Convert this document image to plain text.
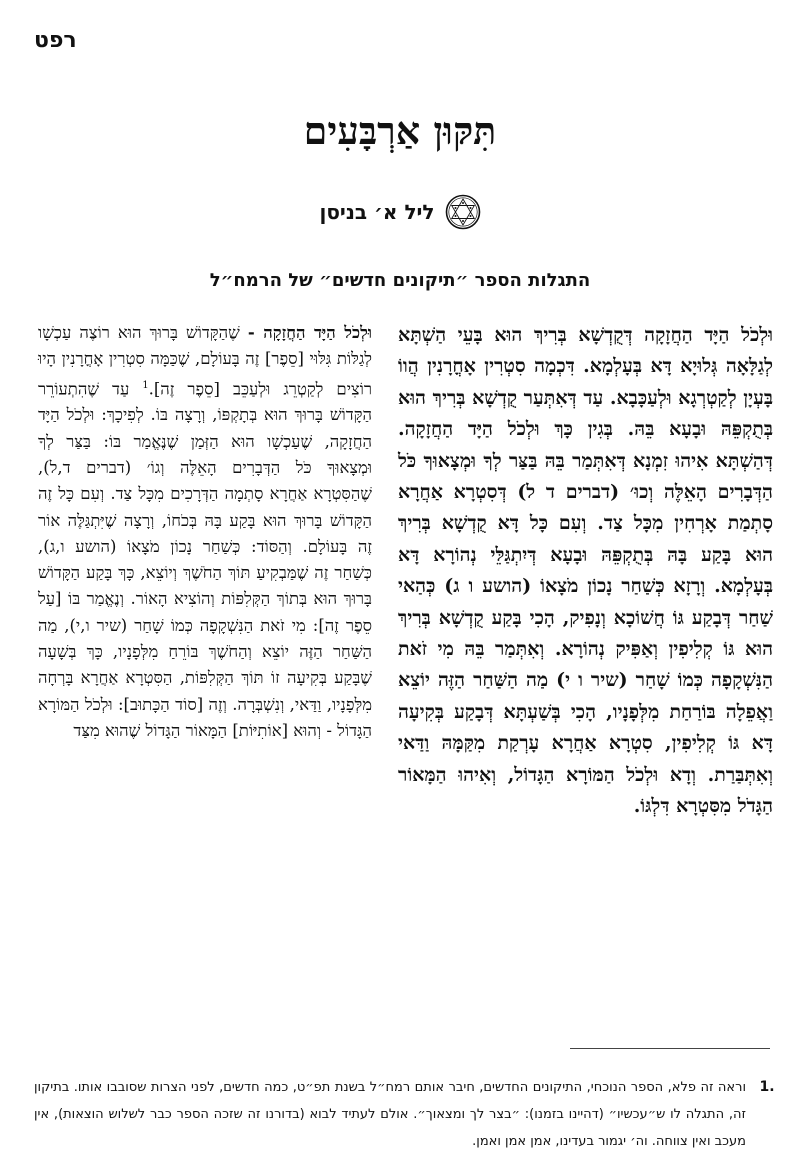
רפט
תִּקּוּן אַרְבָּעִים
ליל א׳ בניסן
התגלות הספר ״תיקונים חדשים״ של הרמח״ל
וּלְכֹל הַיָּד הַחֲזָקָה דְּקֻדְשָׁא בְּרִיךְ הוּא בָּעֵי הַשְׁתָּא לְגַלָּאָה גְּלוּיָא דָּא בְּעָלְמָא. דִּכְמָה סִטְרִין אָחֳרָנִין הֲווֹ בָּעְיָן לְקַטְרְגָא וּלְעַכָּבָא. עַד דְּאִתְּעַר קֻדְשָׁא בְּרִיךְ הוּא בְּתֻקְפֵּהּ וּבָעָא בֵּהּ. בְּגִין כָּךְ וּלְכֹל הַיָּד הַחֲזָקָה. דְּהַשְׁתָּא אִיהוּ זִמְנָא דְּאִתְּמַר בֵּהּ בַּצַּר לְךָ וּמְצָאוּךָ כֹּל הַדְּבָרִים הָאֵלֶּה וְכוּ׳ (דברים ד ל) דְּסִטְרָא אַחֲרָא סָתְמַת אָרְחִין מִכָּל צַד. וְעִם כָּל דָּא קֻדְשָׁא בְּרִיךְ הוּא בָּקַע בָּהּ בְּתֻקְפֵּהּ וּבָעָא דְּיִתְגַּלֵּי נְהוֹרָא דָּא בְּעָלְמָא. וְרָזָא כְּשַׁחַר נָכוֹן מֹצָאוֹ (הושע ו ג) כְּהַאי שַׁחַר דְּבָקַע גּוֹ חֲשׁוֹכָא וְנָפִיק, הָכִי בָּקַע קֻדְשָׁא בְּרִיךְ הוּא גּוֹ קְלִיפִין וְאַפִּיק נְהוֹרָא. וְאִתְּמַר בֵּהּ מִי זֹאת הַנִּשְׁקָפָה כְּמוֹ שָׁחַר (שיר ו י) מַה הַשַּׁחַר הַזֶּה יוֹצֵא וַאֲפֵלָה בּוֹרַחַת מִלְּפָנָיו, הָכִי בְּשַׁעְתָּא דְּבָקַע בְּקִיעָה דָּא גּוֹ קְלִיפִין, סִטְרָא אַחֲרָא עָרְקַת מִקַּמָּהּ וַדַּאי וְאִתְּבַּרַת. וְדָא וּלְכֹל הַמּוֹרָא הַגָּדוֹל, וְאִיהוּ הַמָּאוֹר הַגָּדֹל מִסִּטְרָא דִּלְגּוֹ.
וּלְכֹל הַיָּד הַחֲזָקָה - שֶׁהַקָּדוֹשׁ בָּרוּךְ הוּא רוֹצֶה עַכְשָׁו לְגַלּוֹת גִּלּוּי [סֵפֶר] זֶה בָּעוֹלָם, שֶׁכַּמָּה סִטְרִין אָחֳרָנִין הָיוּ רוֹצִים לְקַטְרֵג וּלְעַכֵּב [סֵפֶר זֶה].$^1$ עַד שֶׁהִתְעוֹרֵר הַקָּדוֹשׁ בָּרוּךְ הוּא בְּתָקְפּוֹ, וְרָצָה בּוֹ. לְפִיכָךְ: וּלְכֹל הַיָּד הַחֲזָקָה, שֶׁעַכְשָׁו הוּא הַזְּמַן שֶׁנֶּאֱמַר בּוֹ: בַּצַּר לְךָ וּמְצָאוּךָ כֹּל הַדְּבָרִים הָאֵלֶּה וְגוֹ׳ (דברים ד,ל), שֶׁהַסִּטְרָא אַחֲרָא סָתְמָה הַדְּרָכִים מִכָּל צַד. וְעִם כָּל זֶה הַקָּדוֹשׁ בָּרוּךְ הוּא בָּקַע בָּהּ בְּכֹחוֹ, וְרָצָה שֶׁיִּתְגַּלֶּה אוֹר זֶה בָּעוֹלָם. וְהַסּוֹד: כְּשַׁחַר נָכוֹן מֹצָאוֹ (הושע ו,ג), כְּשַׁחַר זֶה שֶׁמַּבְקִיעַ תּוֹךְ הַחֹשֶׁךְ וְיוֹצֵא, כָּךְ בָּקַע הַקָּדוֹשׁ בָּרוּךְ הוּא בְּתוֹךְ הַקְּלִפּוֹת וְהוֹצִיא הָאוֹר. וְנֶאֱמַר בּוֹ [עַל סֵפֶר זֶה]: מִי זֹאת הַנִּשְׁקָפָה כְּמוֹ שָׁחַר (שיר ו,י), מַה הַשַּׁחַר הַזֶּה יוֹצֵא וְהַחֹשֶׁךְ בּוֹרֵחַ מִלְּפָנָיו, כָּךְ בְּשָׁעָה שֶׁבָּקַע בְּקִיעָה זוֹ תּוֹךְ הַקְּלִפּוֹת, הַסִּטְרָא אַחֲרָא בָּרְחָה מִלְּפָנָיו, וַדַּאי, וְנִשְׁבְּרָה. וְזֶה [סוֹד הַכָּתוּב]: וּלְכֹל הַמּוֹרָא הַגָּדוֹל - וְהוּא [אוֹתִיּוֹת] הַמָּאוֹר הַגָּדוֹל שֶׁהוּא מִצַּד
1.
וראה זה פלא, הספר הנוכחי, התיקונים החדשים, חיבר אותם רמח״ל בשנת תפ״ט, כמה חדשים, לפני הצרות שסובבו אותו. בתיקון זה, התגלה לו ש״עכשיו״ (דהיינו בזמנו): ״בצר לך ומצאוך״. אולם לעתיד לבוא (בדורנו זה שזכה הספר כבר לשלוש הוצאות), אין מעכב ואין צווחה. וה׳ יגמור בעדינו, אמן אמן ואמן.
